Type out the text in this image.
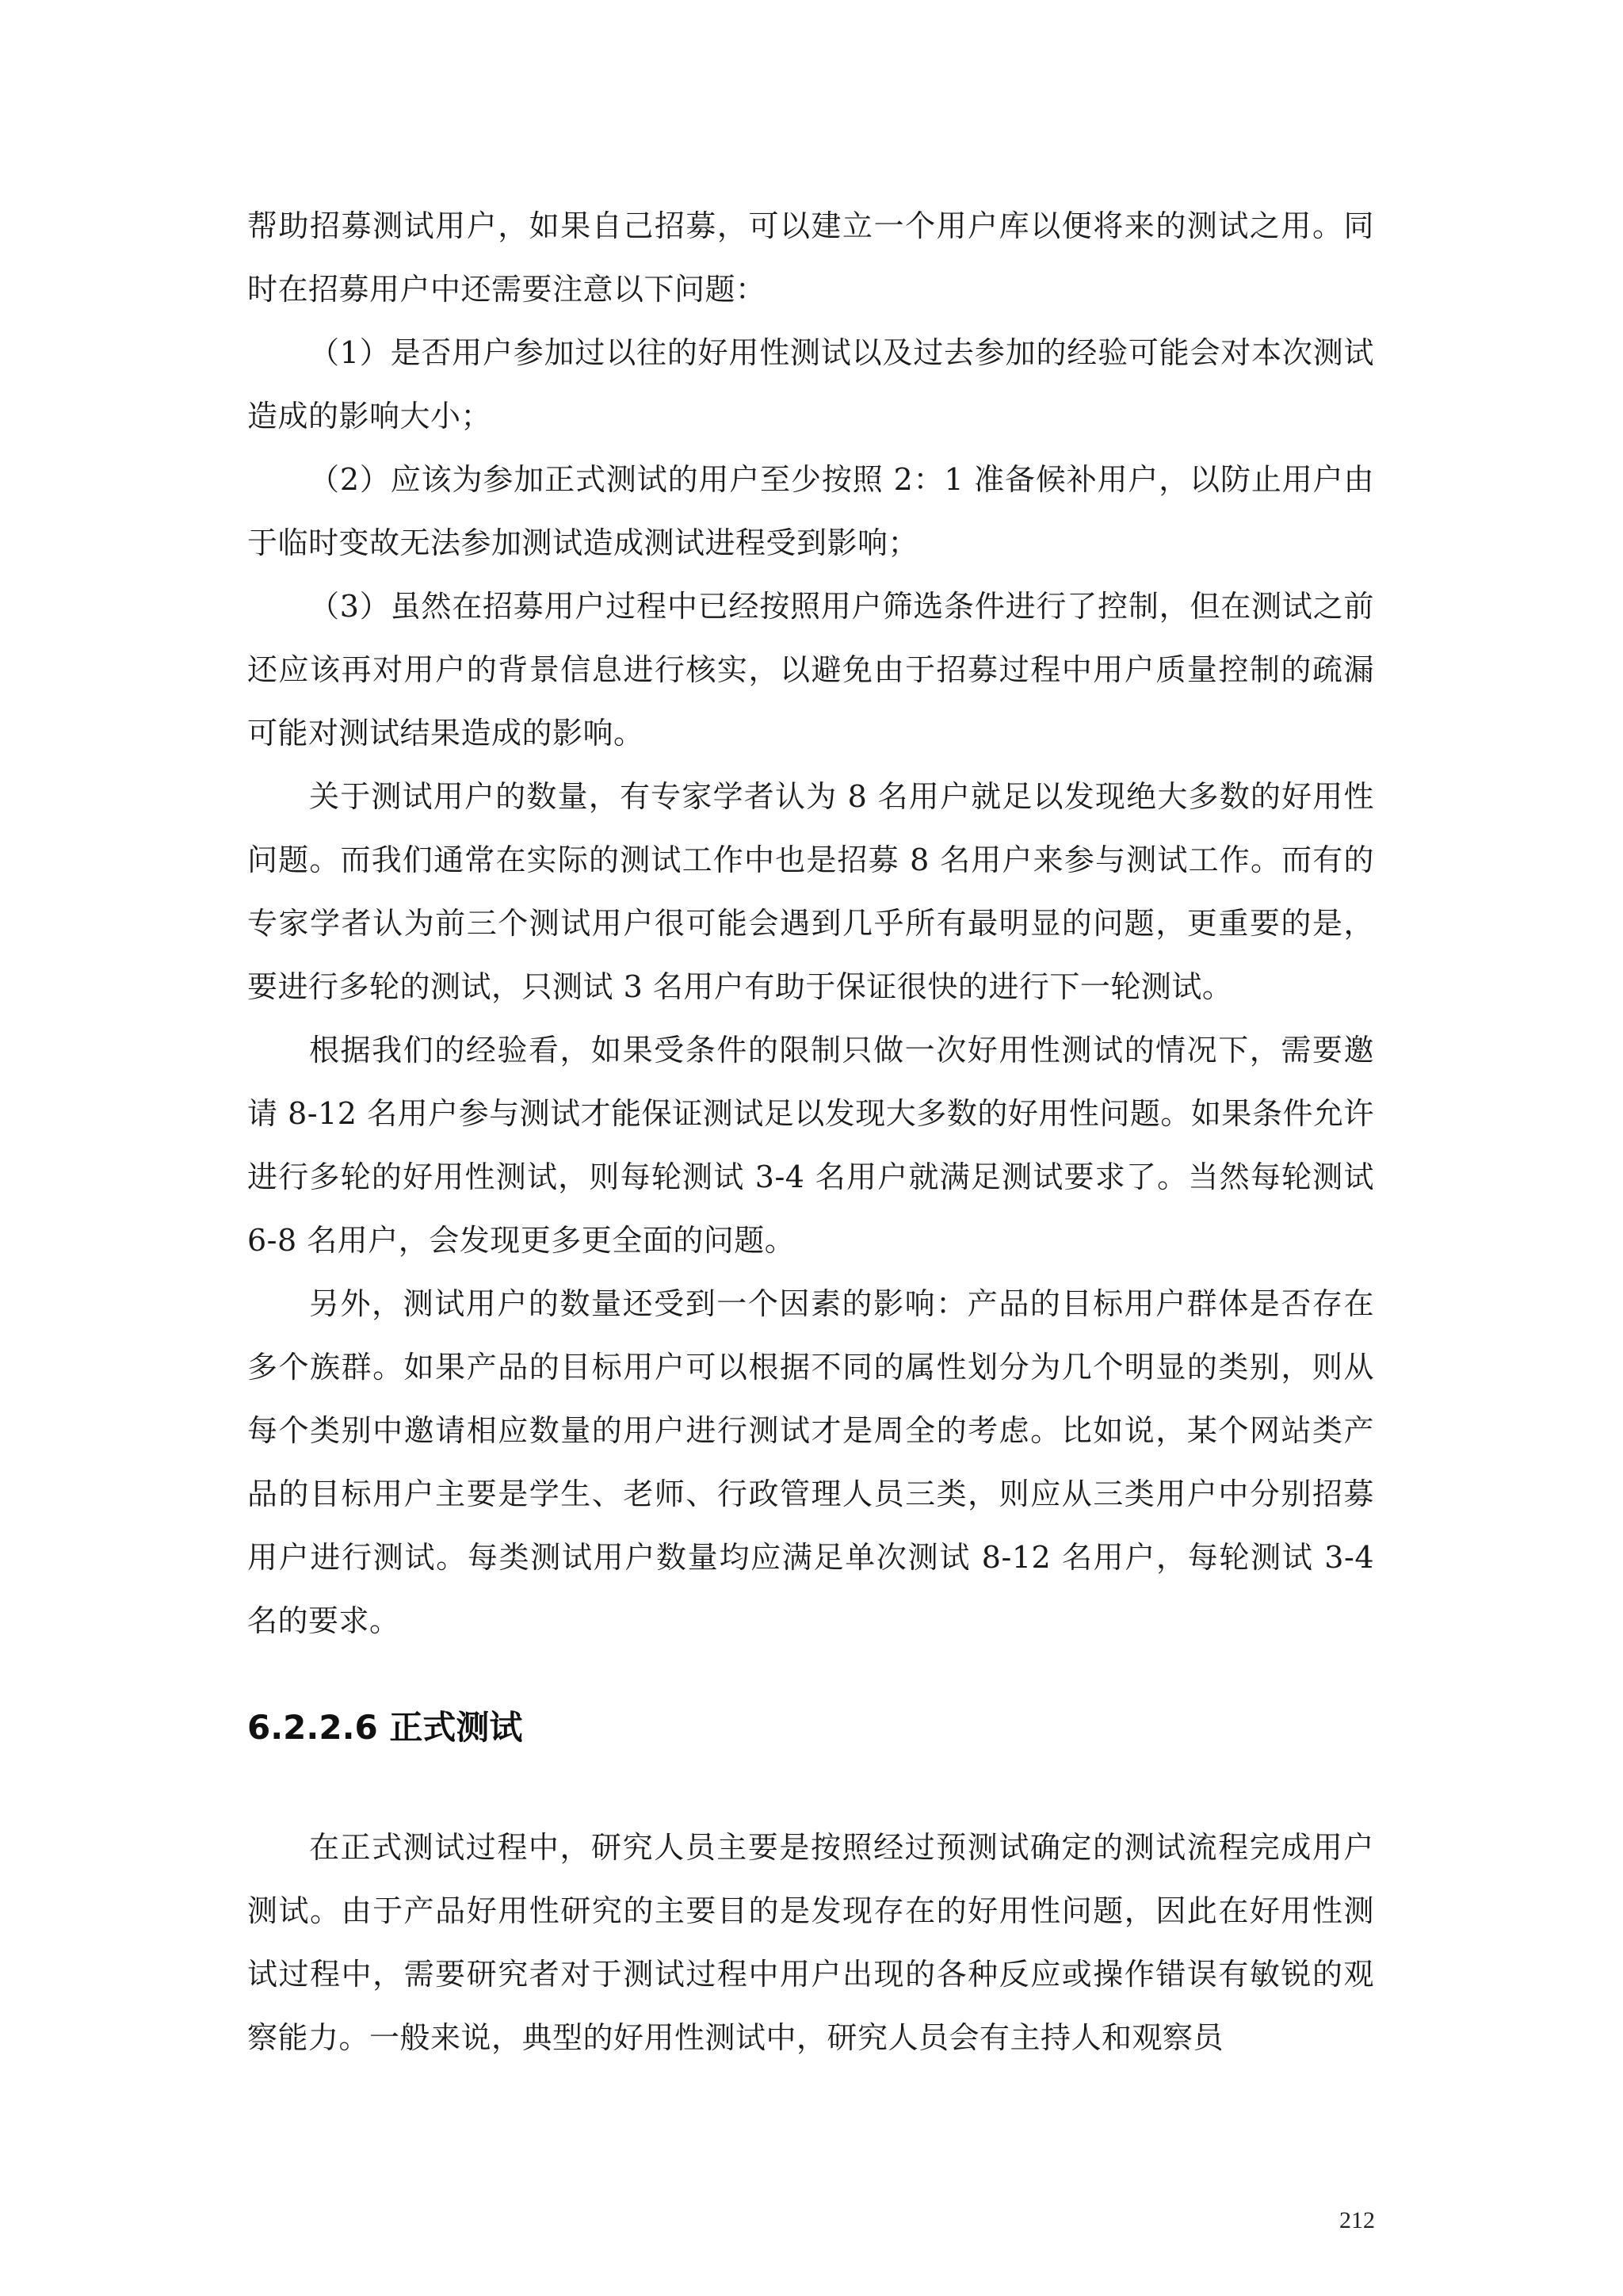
帮助招募测试用户，如果自己招募，可以建立一个用户库以便将来的测试之用。同时在招募用户中还需要注意以下问题：

（1）是否用户参加过以往的好用性测试以及过去参加的经验可能会对本次测试造成的影响大小；

（2）应该为参加正式测试的用户至少按照 2：1 准备候补用户，以防止用户由于临时变故无法参加测试造成测试进程受到影响；

（3）虽然在招募用户过程中已经按照用户筛选条件进行了控制，但在测试之前还应该再对用户的背景信息进行核实，以避免由于招募过程中用户质量控制的疏漏可能对测试结果造成的影响。

关于测试用户的数量，有专家学者认为 8 名用户就足以发现绝大多数的好用性问题。而我们通常在实际的测试工作中也是招募 8 名用户来参与测试工作。而有的专家学者认为前三个测试用户很可能会遇到几乎所有最明显的问题，更重要的是，要进行多轮的测试，只测试 3 名用户有助于保证很快的进行下一轮测试。

根据我们的经验看，如果受条件的限制只做一次好用性测试的情况下，需要邀请 8-12 名用户参与测试才能保证测试足以发现大多数的好用性问题。如果条件允许进行多轮的好用性测试，则每轮测试 3-4 名用户就满足测试要求了。当然每轮测试 6-8 名用户，会发现更多更全面的问题。

另外，测试用户的数量还受到一个因素的影响：产品的目标用户群体是否存在多个族群。如果产品的目标用户可以根据不同的属性划分为几个明显的类别，则从每个类别中邀请相应数量的用户进行测试才是周全的考虑。比如说，某个网站类产品的目标用户主要是学生、老师、行政管理人员三类，则应从三类用户中分别招募用户进行测试。每类测试用户数量均应满足单次测试 8-12 名用户，每轮测试 3-4 名的要求。

6.2.2.6 正式测试

在正式测试过程中，研究人员主要是按照经过预测试确定的测试流程完成用户测试。由于产品好用性研究的主要目的是发现存在的好用性问题，因此在好用性测试过程中，需要研究者对于测试过程中用户出现的各种反应或操作错误有敏锐的观察能力。一般来说，典型的好用性测试中，研究人员会有主持人和观察员

212
